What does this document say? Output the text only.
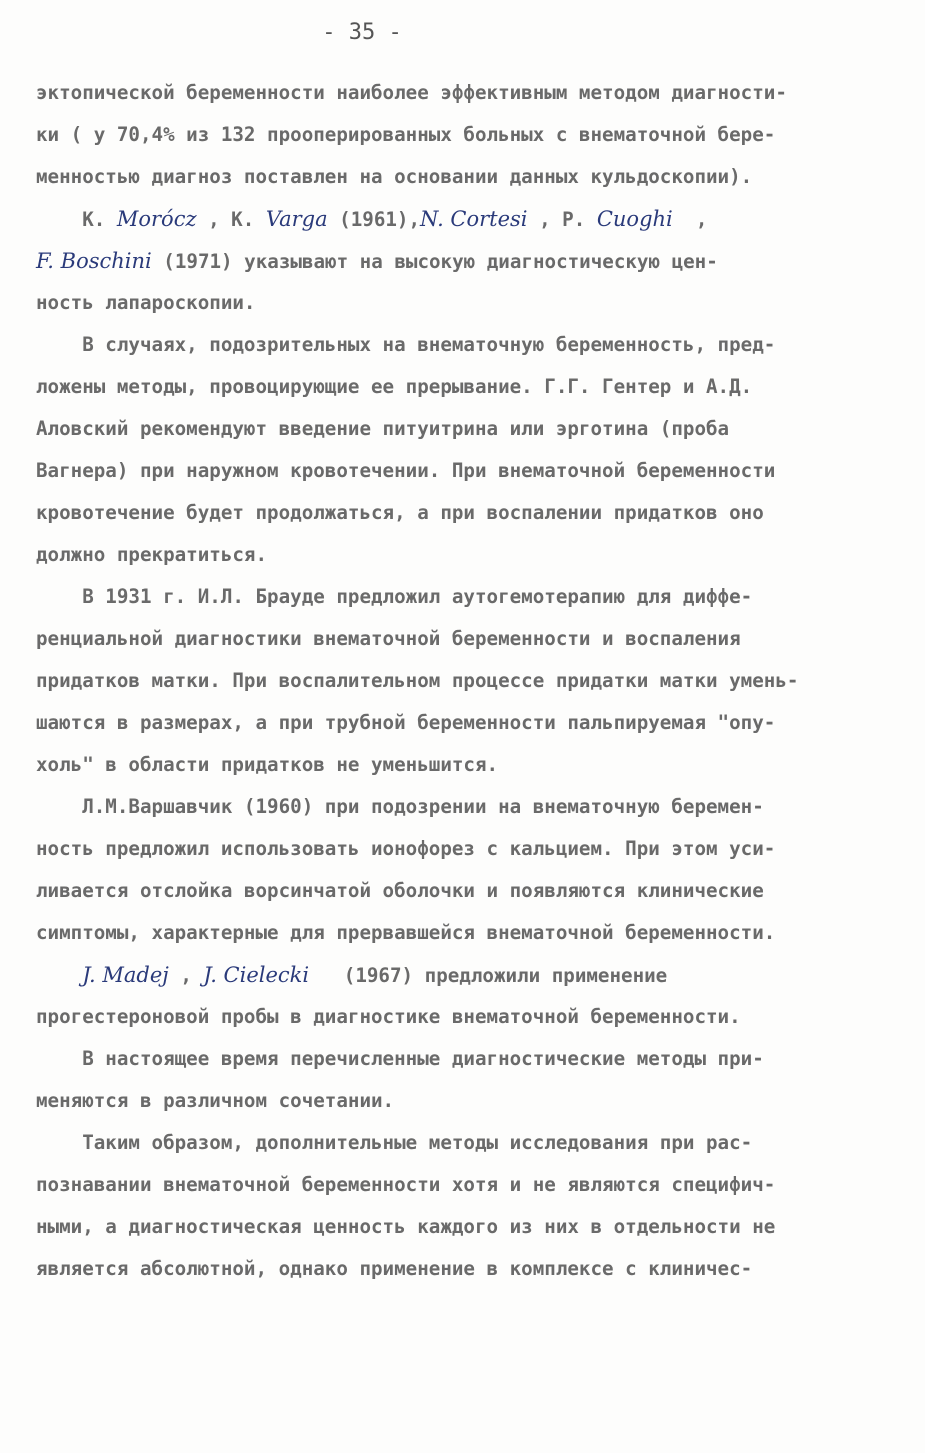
- 35 -
эктопической беременности наиболее эффективным методом диагности-
ки ( у 70,4% из 132 прооперированных больных с внематочной бере-
менностью диагноз поставлен на основании данных кульдоскопии).
К. Morócz , К. Varga (1961),N. Cortesi , Р. Cuoghi  ,
F. Boschini (1971) указывают на высокую диагностическую цен-
ность лапароскопии.
В случаях, подозрительных на внематочную беременность, пред-
ложены методы, провоцирующие ее прерывание. Г.Г. Гентер и А.Д.
Аловский рекомендуют введение питуитрина или эрготина (проба
Вагнера) при наружном кровотечении. При внематочной беременности
кровотечение будет продолжаться, а при воспалении придатков оно
должно прекратиться.
В 1931 г. И.Л. Брауде предложил аутогемотерапию для диффе-
ренциальной диагностики внематочной беременности и воспаления
придатков матки. При воспалительном процессе придатки матки умень-
шаются в размерах, а при трубной беременности пальпируемая "опу-
холь" в области придатков не уменьшится.
Л.М.Варшавчик (1960) при подозрении на внематочную беремен-
ность предложил использовать ионофорез с кальцием. При этом уси-
ливается отслойка ворсинчатой оболочки и появляются клинические
симптомы, характерные для прервавшейся внематочной беременности.
J. Madej , J. Cielecki   (1967) предложили применение
прогестероновой пробы в диагностике внематочной беременности.
В настоящее время перечисленные диагностические методы при-
меняются в различном сочетании.
Таким образом, дополнительные методы исследования при рас-
познавании внематочной беременности хотя и не являются специфич-
ными, а диагностическая ценность каждого из них в отдельности не
является абсолютной, однако применение в комплексе с клиничес-
